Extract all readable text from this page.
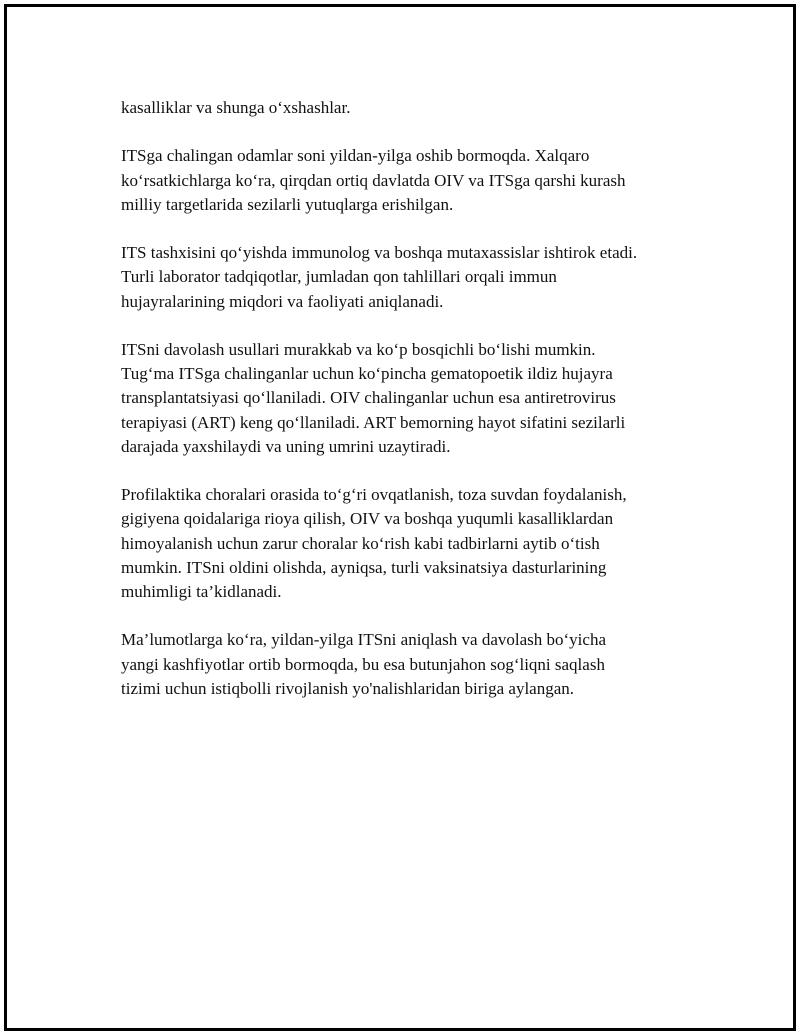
kasalliklar va shunga o‘xshashlar.

ITSga chalingan odamlar soni yildan-yilga oshib bormoqda. Xalqaro
ko‘rsatkichlarga ko‘ra, qirqdan ortiq davlatda OIV va ITSga qarshi kurash
milliy targetlarida sezilarli yutuqlarga erishilgan.

ITS tashxisini qo‘yishda immunolog va boshqa mutaxassislar ishtirok etadi.
Turli laborator tadqiqotlar, jumladan qon tahlillari orqali immun
hujayralarining miqdori va faoliyati aniqlanadi.

ITSni davolash usullari murakkab va ko‘p bosqichli bo‘lishi mumkin.
Tug‘ma ITSga chalinganlar uchun ko‘pincha gematopoetik ildiz hujayra
transplantatsiyasi qo‘llaniladi. OIV chalinganlar uchun esa antiretrovirus
terapiyasi (ART) keng qo‘llaniladi. ART bemorning hayot sifatini sezilarli
darajada yaxshilaydi va uning umrini uzaytiradi.

Profilaktika choralari orasida to‘g‘ri ovqatlanish, toza suvdan foydalanish,
gigiyena qoidalariga rioya qilish, OIV va boshqa yuqumli kasalliklardan
himoyalanish uchun zarur choralar ko‘rish kabi tadbirlarni aytib o‘tish
mumkin. ITSni oldini olishda, ayniqsa, turli vaksinatsiya dasturlarining
muhimligi ta’kidlanadi.

Ma’lumotlarga ko‘ra, yildan-yilga ITSni aniqlash va davolash bo‘yicha
yangi kashfiyotlar ortib bormoqda, bu esa butunjahon sog‘liqni saqlash
tizimi uchun istiqbolli rivojlanish yo'nalishlaridan biriga aylangan.
